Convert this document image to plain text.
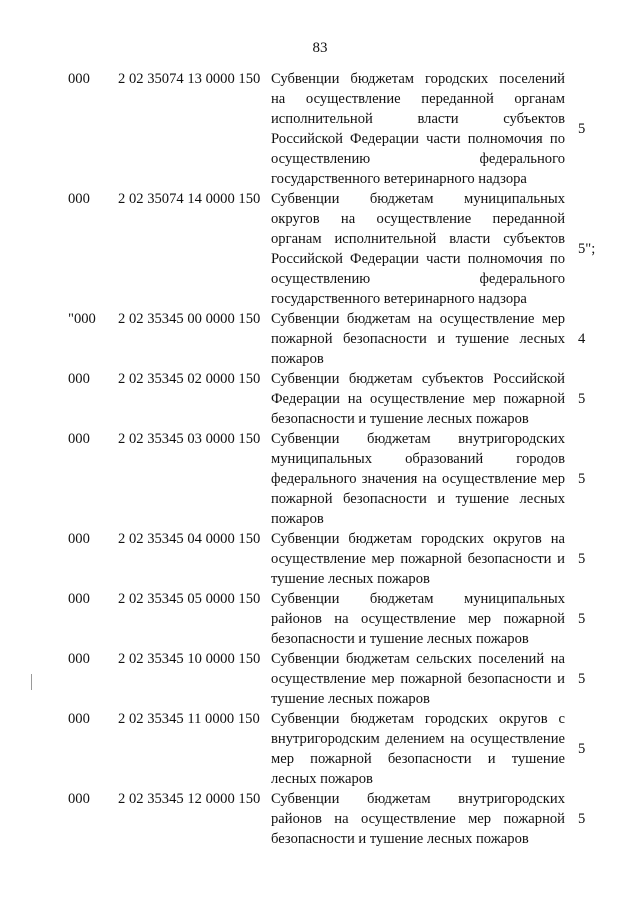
83
000	2 02 35074 13 0000 150 Субвенции бюджетам городских поселений
на осуществление переданной органам
исполнительной власти субъектов
Российской Федерации части полномочия по
осуществлению федерального
государственного ветеринарного надзора
5
000	2 02 35074 14 0000 150 Субвенции бюджетам муниципальных
округов на осуществление переданной
органам исполнительной власти субъектов
Российской Федерации части полномочия по
осуществлению федерального
государственного ветеринарного надзора
5";
"000	2 02 35345 00 0000 150 Субвенции бюджетам на осуществление мер
пожарной безопасности и тушение лесных
пожаров
4
000	2 02 35345 02 0000 150 Субвенции бюджетам субъектов Российской
Федерации на осуществление мер пожарной
безопасности и тушение лесных пожаров
5
000	2 02 35345 03 0000 150 Субвенции бюджетам внутригородских
муниципальных образований городов
федерального значения на осуществление мер
пожарной безопасности и тушение лесных
пожаров
5
000	2 02 35345 04 0000 150 Субвенции бюджетам городских округов на
осуществление мер пожарной безопасности и
тушение лесных пожаров
5
000	2 02 35345 05 0000 150 Субвенции бюджетам муниципальных
районов на осуществление мер пожарной
безопасности и тушение лесных пожаров
5
000	2 02 35345 10 0000 150 Субвенции бюджетам сельских поселений на
осуществление мер пожарной безопасности и
тушение лесных пожаров
5
000	2 02 35345 11 0000 150 Субвенции бюджетам городских округов с
внутригородским делением на осуществление
мер пожарной безопасности и тушение
лесных пожаров
5
000	2 02 35345 12 0000 150 Субвенции бюджетам внутригородских
районов на осуществление мер пожарной
безопасности и тушение лесных пожаров
5
